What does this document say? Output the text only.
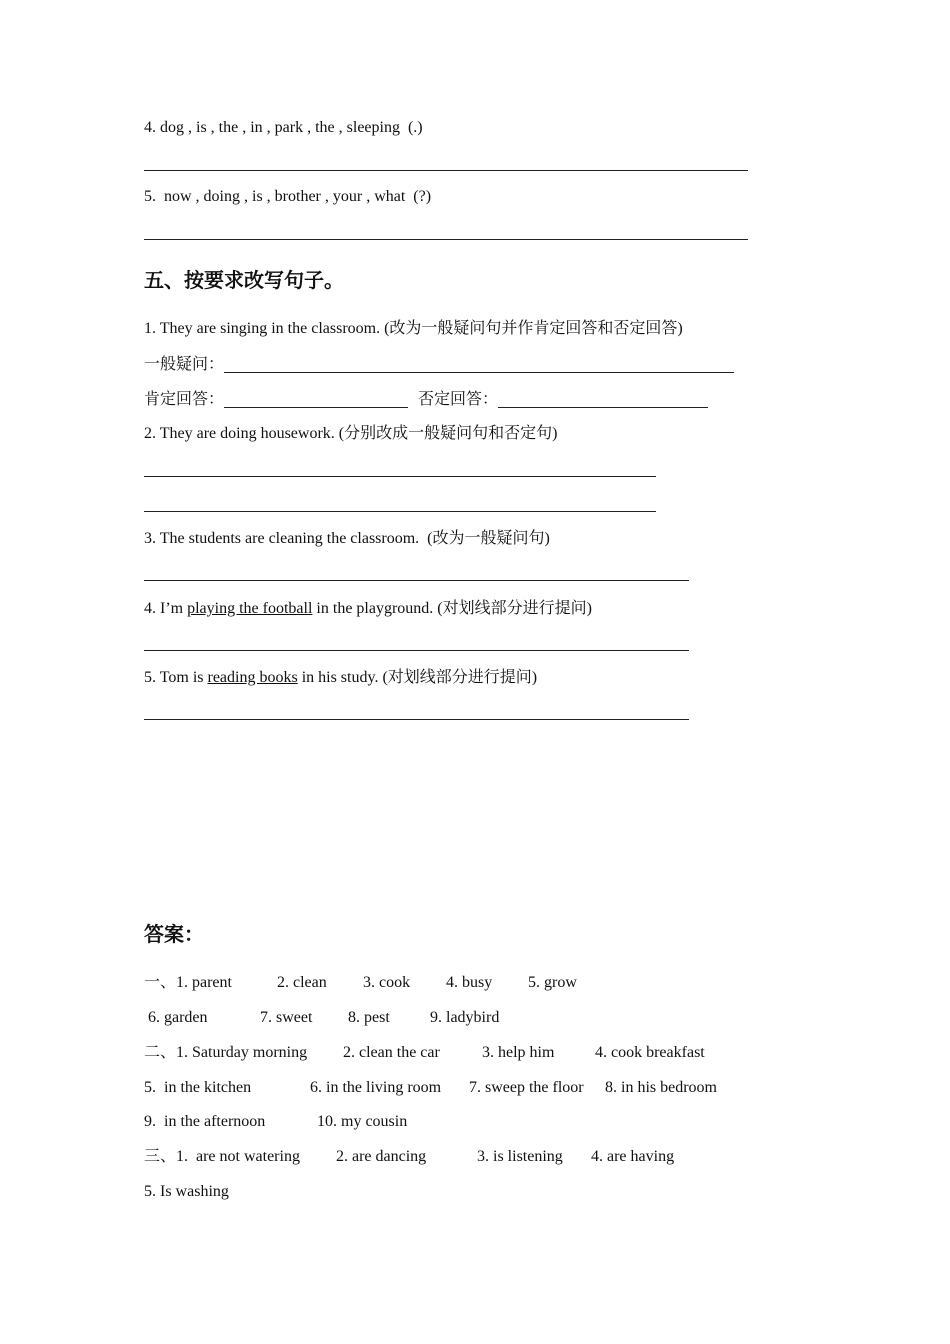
4. dog , is , the , in , park , the , sleeping  (.)
5.  now , doing , is , brother , your , what  (?)
五、按要求改写句子。
1. They are singing in the classroom. (改为一般疑问句并作肯定回答和否定回答)
一般疑问：
肯定回答：	否定回答：
2. They are doing housework. (分别改成一般疑问句和否定句)
3. The students are cleaning the classroom.  (改为一般疑问句)
4. I’m playing the football in the playground. (对划线部分进行提问)
5. Tom is reading books in his study. (对划线部分进行提问)
答案：
一、1. parent	2. clean 3. cook 4. busy 5. grow
6. garden	7. sweet 8. pest	9. ladybird
二、1. Saturday morning 2. clean the car	3. help him	4. cook breakfast
5.  in the kitchen	6. in the living room 7. sweep the floor 8. in his bedroom
9.  in the afternoon	10. my cousin
三、1.  are not watering 2. are dancing	3. is listening 4. are having
5. Is washing
